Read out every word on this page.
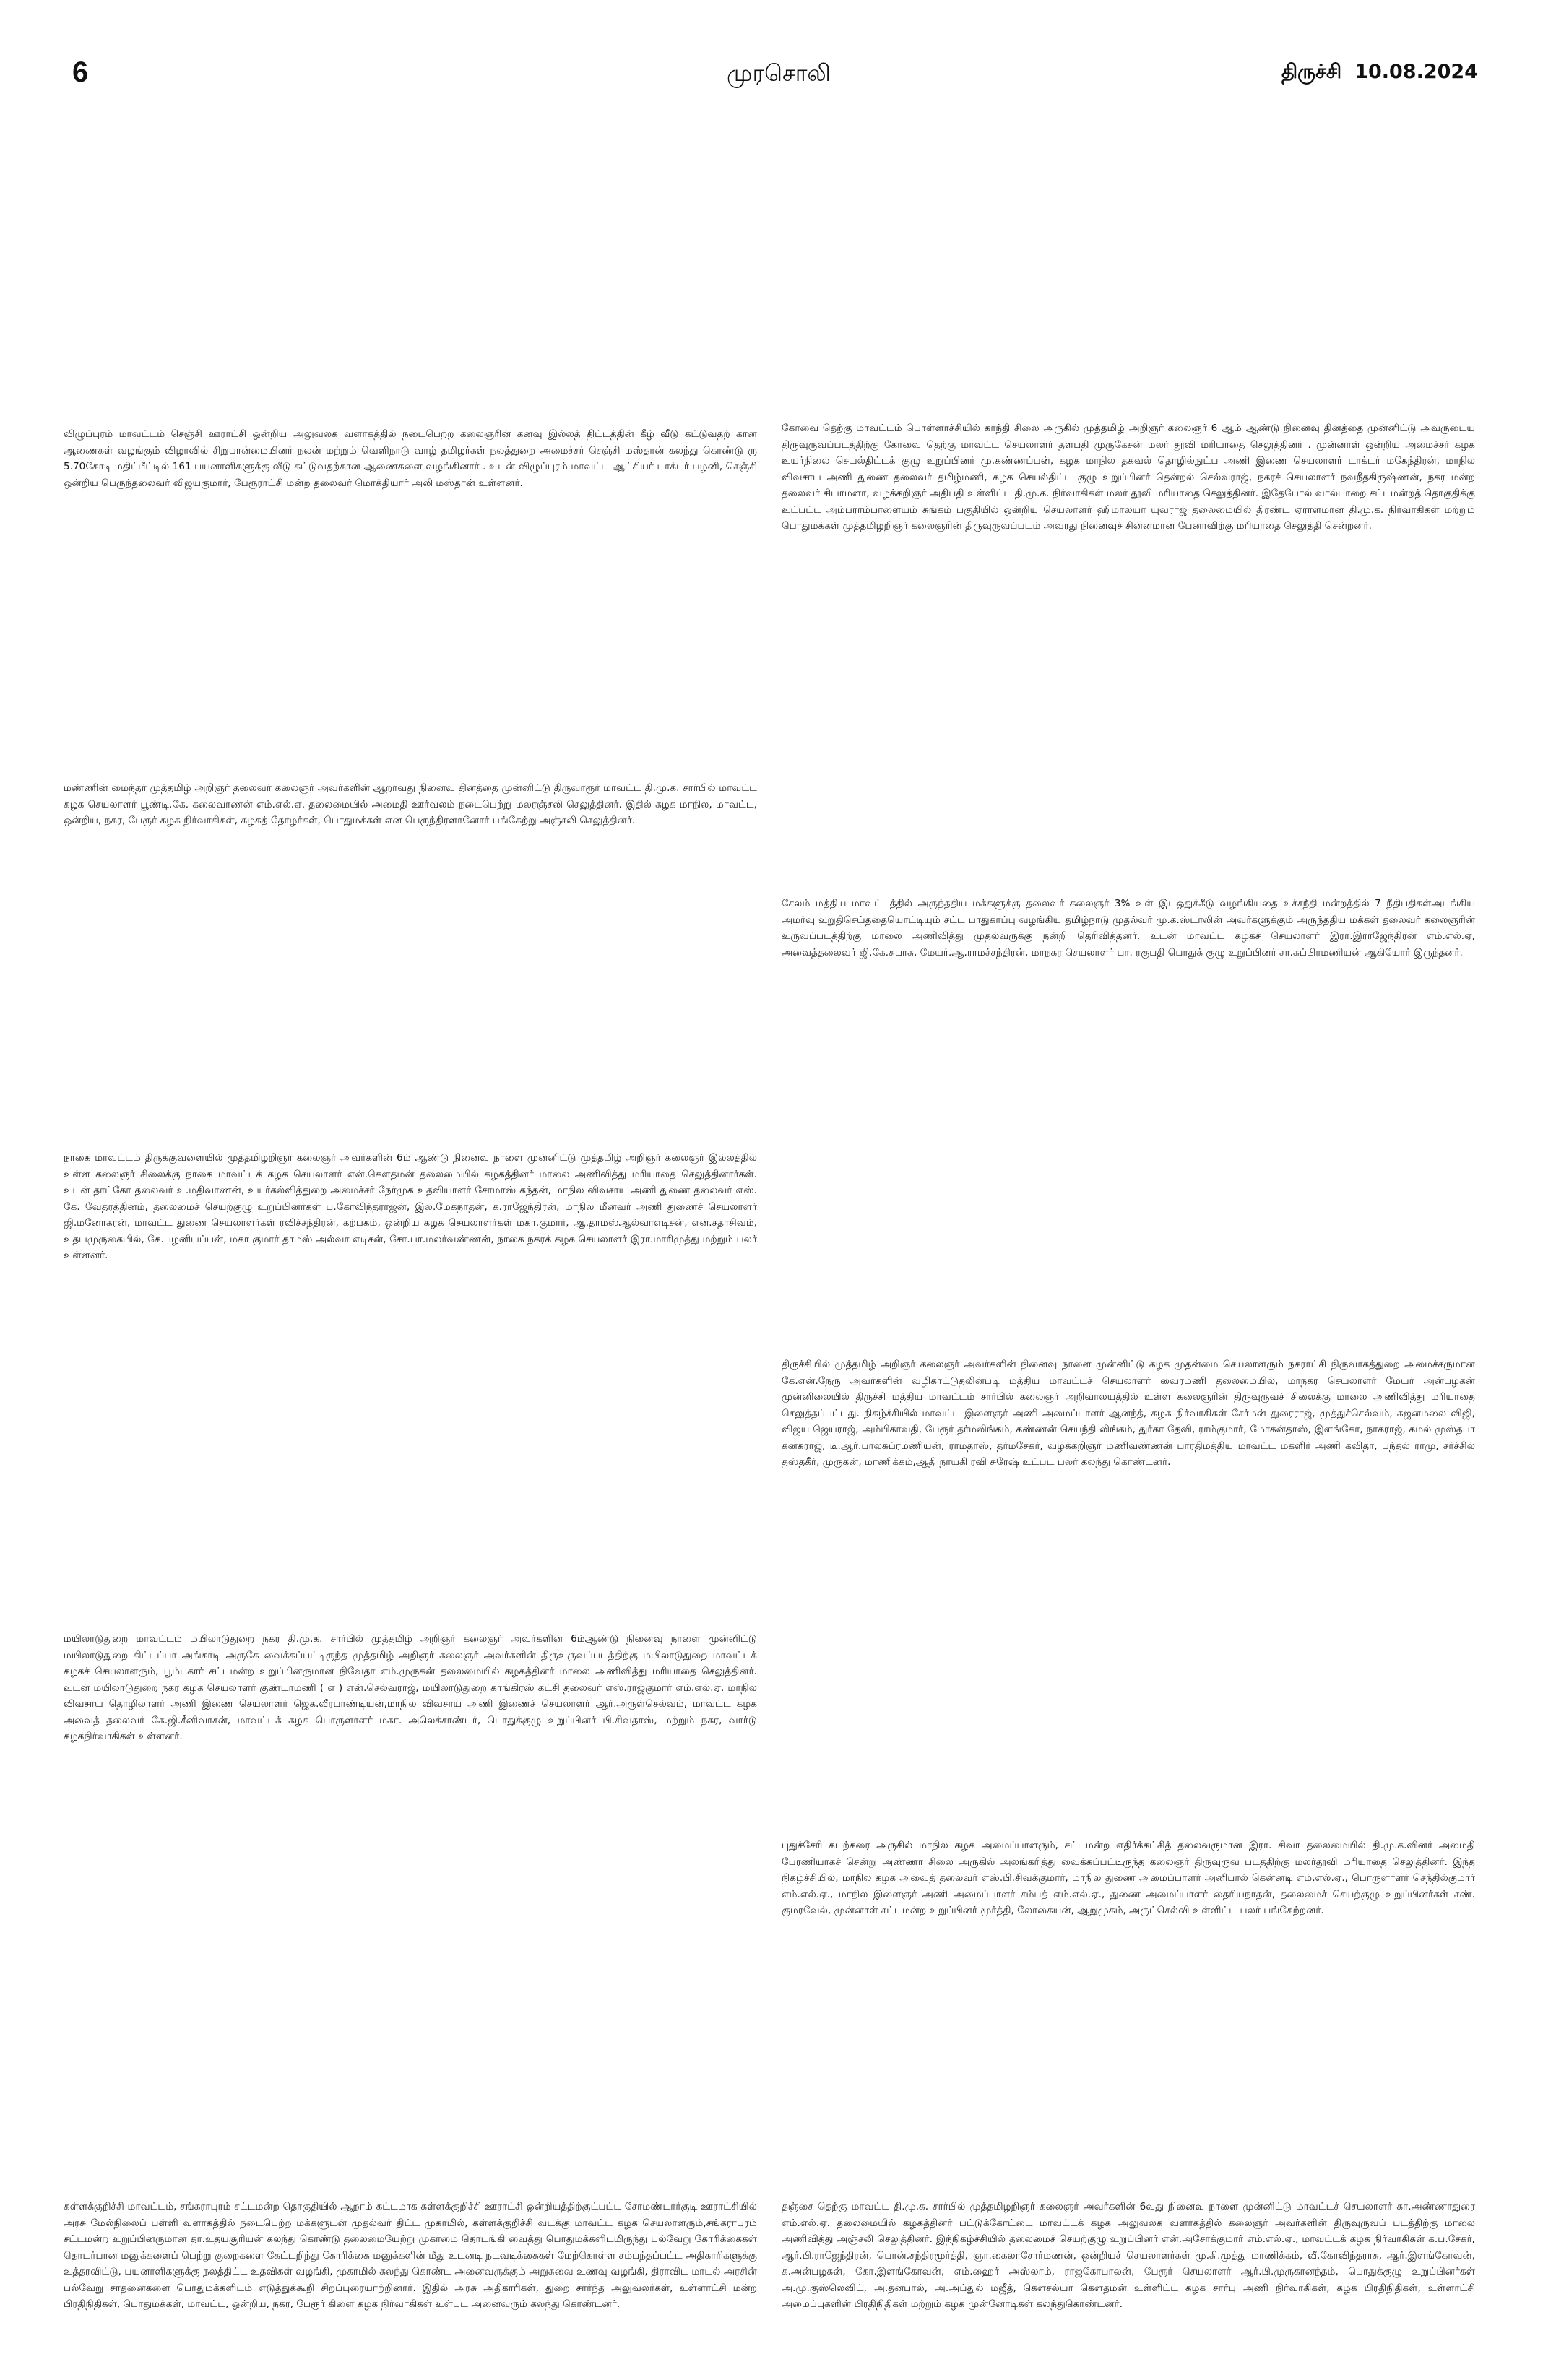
6	முரசொலி	திருச்சி 10.08.2024

விழுப்புரம் மாவட்டம் செஞ்சி ஊராட்சி ஒன்றிய அலுவலக வளாகத்தில் நடைபெற்ற கலைஞரின் கனவு இல்லத் திட்டத்தின் கீழ் வீடு கட்டுவதற் கான ஆணைகள் வழங்கும் விழாவில் சிறுபான்மையினர் நலன் மற்றும் வெளிநாடு வாழ் தமிழர்கள் நலத்துறை அமைச்சர் செஞ்சி மஸ்தான் கலந்து கொண்டு ரூ 5.70கோடி மதிப்பீட்டில் 161 பயனாளிகளுக்கு வீடு கட்டுவதற்கான ஆணைகளை வழங்கினார் . உடன் விழுப்புரம் மாவட்ட ஆட்சியர் டாக்டர் பழனி, செஞ்சி ஒன்றிய பெருந்தலைவர் விஜயகுமார், பேரூராட்சி மன்ற தலைவர் மொக்தியார் அலி மஸ்தான் உள்ளனர்.

கோவை தெற்கு மாவட்டம் பொள்ளாச்சியில் காந்தி சிலை அருகில் முத்தமிழ் அறிஞர் கலைஞர் 6 ஆம் ஆண்டு நினைவு தினத்தை முன்னிட்டு அவருடைய திருவுருவப்படத்திற்கு கோவை தெற்கு மாவட்ட செயலாளர் தளபதி முருகேசன் மலர் தூவி மரியாதை செலுத்தினர் . முன்னாள் ஒன்றிய அமைச்சர் கழக உயர்நிலை செயல்திட்டக் குழு உறுப்பினர் மு.கண்ணப்பன், கழக மாநில தகவல் தொழில்நுட்ப அணி இணை செயலாளர் டாக்டர் மகேந்திரன், மாநில விவசாய அணி துணை தலைவர் தமிழ்மணி, கழக செயல்திட்ட குழு உறுப்பினர் தென்றல் செல்வராஜ், நகரச் செயலாளர் நவநீதகிருஷ்ணன், நகர மன்ற தலைவர் சியாமளா, வழக்கறிஞர் அதிபதி உள்ளிட்ட தி.மு.க. நிர்வாகிகள் மலர் தூவி மரியாதை செலுத்தினர். இதேபோல் வால்பாறை சட்டமன்றத் தொகுதிக்கு உட்பட்ட அம்பராம்பாளையம் சுங்கம் பகுதியில் ஒன்றிய செயலாளர் ஹிமாலயா யுவராஜ் தலைமையில் திரண்ட ஏராளமான தி.மு.க. நிர்வாகிகள் மற்றும் பொதுமக்கள் முத்தமிழறிஞர் கலைஞரின் திருவுருவப்படம் அவரது நினைவுச் சின்னமான பேனாவிற்கு மரியாதை செலுத்தி சென்றனர்.

மண்ணின் மைந்தர் முத்தமிழ் அறிஞர் தலைவர் கலைஞர் அவர்களின் ஆறாவது நினைவு தினத்தை முன்னிட்டு திருவாரூர் மாவட்ட தி.மு.க. சார்பில் மாவட்ட கழக செயலாளர் பூண்டி.கே. கலைவாணன் எம்.எல்.ஏ. தலைமையில் அமைதி ஊர்வலம் நடைபெற்று மலரஞ்சலி செலுத்தினர். இதில் கழக மாநில, மாவட்ட, ஒன்றிய, நகர, பேரூர் கழக நிர்வாகிகள், கழகத் தோழர்கள், பொதுமக்கள் என பெருந்திரளானோர் பங்கேற்று அஞ்சலி செலுத்தினர்.

சேலம் மத்திய மாவட்டத்தில் அருந்ததிய மக்களுக்கு தலைவர் கலைஞர் 3% உள் இடஒதுக்கீடு வழங்கியதை உச்சநீதி மன்றத்தில் 7 நீதிபதிகள்அடங்கிய அமர்வு உறுதிசெய்ததையொட்டியும் சட்ட பாதுகாப்பு வழங்கிய தமிழ்நாடு முதல்வர் மு.க.ஸ்டாலின் அவர்களுக்கும் அருந்ததிய மக்கள் தலைவர் கலைஞரின் உருவப்படத்திற்கு மாலை அணிவித்து முதல்வருக்கு நன்றி தெரிவித்தனர். உடன் மாவட்ட கழகச் செயலாளர் இரா.இராஜேந்திரன் எம்.எல்.ஏ, அவைத்தலைவர் ஜி.கே.சுபாசு, மேயர்.ஆ.ராமச்சந்திரன், மாநகர செயலாளர் பா. ரகுபதி பொதுக் குழு உறுப்பினர் சா.சுப்பிரமணியன் ஆகியோர் இருந்தனர்.

நாகை மாவட்டம் திருக்குவளையில் முத்தமிழறிஞர் கலைஞர் அவர்களின் 6ம் ஆண்டு நினைவு நாளை முன்னிட்டு முத்தமிழ் அறிஞர் கலைஞர் இல்லத்தில் உள்ள கலைஞர் சிலைக்கு நாகை மாவட்டக் கழக செயலாளர் என்.கௌதமன் தலைமையில் கழகத்தினர் மாலை அணிவித்து மரியாதை செலுத்தினார்கள். உடன் தாட்கோ தலைவர் உ.மதிவாணன், உயர்கல்வித்துறை அமைச்சர் நேர்முக உதவியாளர் சோமாஸ் கந்தன், மாநில விவசாய அணி துணை தலைவர் எஸ். கே. வேதரத்தினம், தலைமைச் செயற்குழு உறுப்பினர்கள் ப.கோவிந்தராஜன், இல.மேகநாதன், க.ராஜேந்திரன், மாநில மீனவர் அணி துணைச் செயலாளர் ஜி.மனோகரன், மாவட்ட துணை செயலாளர்கள் ரவிச்சந்திரன், கற்பகம், ஒன்றிய கழக செயலாளர்கள் மகா.குமார், ஆ.தாமஸ்ஆல்வாஎடிசன், என்.சதாசிவம், உதயமுருகையில், கே.பழனியப்பன், மகா குமார் தாமஸ் அல்வா எடிசன், சோ.பா.மலர்வண்ணன், நாகை நகரக் கழக செயலாளர் இரா.மாரிமுத்து மற்றும் பலர் உள்ளனர்.

திருச்சியில் முத்தமிழ் அறிஞர் கலைஞர் அவர்களின் நினைவு நாளை முன்னிட்டு கழக முதன்மை செயலாளரும் நகராட்சி நிருவாகத்துறை அமைச்சருமான கே.என்.நேரு அவர்களின் வழிகாட்டுதலின்படி மத்திய மாவட்டச் செயலாளர் வைரமணி தலைமையில், மாநகர செயலாளர் மேயர் அன்பழகன் முன்னிலையில் திருச்சி மத்திய மாவட்டம் சார்பில் கலைஞர் அறிவாலயத்தில் உள்ள கலைஞரின் திருவுருவச் சிலைக்கு மாலை அணிவித்து மரியாதை செலுத்தப்பட்டது. நிகழ்ச்சியில் மாவட்ட இளைஞர் அணி அமைப்பாளர் ஆனந்த், கழக நிர்வாகிகள் சேர்மன் துரைராஜ், முத்துச்செல்வம், கஜனமலை விஜி, விஜய ஜெயராஜ், அம்பிகாவதி, பேரூர் தர்மலிங்கம், கண்ணன் செயந்தி லிங்கம், துர்கா தேவி, ராம்குமார், மோகன்தாஸ், இளங்கோ, நாகராஜ், கமல் முஸ்தபா கனகராஜ், டீ.ஆர்.பாலசுப்ரமணியன், ராமதாஸ், தர்மசேகர், வழக்கறிஞர் மணிவண்ணன் பாரதிமத்திய மாவட்ட மகளிர் அணி கவிதா, பந்தல் ராமு, சர்ச்சில் தஸ்தகீர், முருகன், மாணிக்கம்,ஆதி நாயகி ரவி சுரேஷ் உட்பட பலர் கலந்து கொண்டனர்.

மயிலாடுதுறை மாவட்டம் மயிலாடுதுறை நகர தி.மு.க. சார்பில் முத்தமிழ் அறிஞர் கலைஞர் அவர்களின் 6ம்ஆண்டு நினைவு நாளை முன்னிட்டு மயிலாடுதுறை கிட்டப்பா அங்காடி அருகே வைக்கப்பட்டிருந்த முத்தமிழ் அறிஞர் கலைஞர் அவர்களின் திருஉருவப்படத்திற்கு மயிலாடுதுறை மாவட்டக் கழகச் செயலாளரும், பூம்புகார் சட்டமன்ற உறுப்பினருமான நிவேதா எம்.முருகன் தலைமையில் கழகத்தினர் மாலை அணிவித்து மரியாதை செலுத்தினர். உடன் மயிலாடுதுறை நகர கழக செயலாளர் குண்டாமணி ( எ ) என்.செல்வராஜ், மயிலாடுதுறை காங்கிரஸ் கட்சி தலைவர் எஸ்.ராஜ்குமார் எம்.எல்.ஏ. மாநில விவசாய தொழிலாளர் அணி இணை செயலாளர் ஜெக.வீரபாண்டியன்,மாநில விவசாய அணி இணைச் செயலாளர் ஆர்.அருள்செல்வம், மாவட்ட கழக அவைத் தலைவர் கே.ஜி.சீனிவாசன், மாவட்டக் கழக பொருளாளர் மகா. அலெக்சாண்டர், பொதுக்குழு உறுப்பினர் பி.சிவதாஸ், மற்றும் நகர, வார்டு கழகநிர்வாகிகள் உள்ளனர்.

புதுச்சேரி கடற்கரை அருகில் மாநில கழக அமைப்பாளரும், சட்டமன்ற எதிர்க்கட்சித் தலைவருமான இரா. சிவா தலைமையில் தி.மு.க.வினர் அமைதி பேரணியாகச் சென்று அண்ணா சிலை அருகில் அலங்கரித்து வைக்கப்பட்டிருந்த கலைஞர் திருவுருவ படத்திற்கு மலர்தூவி மரியாதை செலுத்தினர். இந்த நிகழ்ச்சியில், மாநில கழக அவைத் தலைவர் எஸ்.பி.சிவக்குமார், மாநில துணை அமைப்பாளர் அனிபால் கென்னடி எம்.எல்.ஏ., பொருளாளர் செந்தில்குமார் எம்.எல்.ஏ., மாநில இளைஞர் அணி அமைப்பாளர் சம்பத் எம்.எல்.ஏ., துணை அமைப்பாளர் தைரியநாதன், தலைமைச் செயற்குழு உறுப்பினர்கள் சண். குமரவேல், முன்னாள் சட்டமன்ற உறுப்பினர் மூர்த்தி, லோகையன், ஆறுமுகம், அருட்செல்வி உள்ளிட்ட பலர் பங்கேற்றனர்.

கள்ளக்குறிச்சி மாவட்டம், சங்கராபுரம் சட்டமன்ற தொகுதியில் ஆறாம் கட்டமாக கள்ளக்குறிச்சி ஊராட்சி ஒன்றியத்திற்குட்பட்ட சோமண்டார்குடி ஊராட்சியில் அரசு மேல்நிலைப் பள்ளி வளாகத்தில் நடைபெற்ற மக்களுடன் முதல்வர் திட்ட முகாமில், கள்ளக்குறிச்சி வடக்கு மாவட்ட கழக செயலாளரும்,சங்கராபுரம் சட்டமன்ற உறுப்பினருமான தா.உதயசூரியன் கலந்து கொண்டு தலைமையேற்று முகாமை தொடங்கி வைத்து பொதுமக்களிடமிருந்து பல்வேறு கோரிக்கைகள் தொடர்பான மனுக்களைப் பெற்று குறைகளை கேட்டறிந்து கோரிக்கை மனுக்களின் மீது உடனடி நடவடிக்கைகள் மேற்கொள்ள சம்பந்தப்பட்ட அதிகாரிகளுக்கு உத்தரவிட்டு, பயனாளிகளுக்கு நலத்திட்ட உதவிகள் வழங்கி, முகாமில் கலந்து கொண்ட அனைவருக்கும் அறுசுவை உணவு வழங்கி, திராவிட மாடல் அரசின் பல்வேறு சாதனைகளை பொதுமக்களிடம் எடுத்துக்கூறி சிறப்புரையாற்றினார். இதில் அரசு அதிகாரிகள், துறை சார்ந்த அலுவலர்கள், உள்ளாட்சி மன்ற பிரதிநிதிகள், பொதுமக்கள், மாவட்ட, ஒன்றிய, நகர, பேரூர் கிளை கழக நிர்வாகிகள் உள்பட அனைவரும் கலந்து கொண்டனர்.

தஞ்சை தெற்கு மாவட்ட தி.மு.க. சார்பில் முத்தமிழறிஞர் கலைஞர் அவர்களின் 6வது நினைவு நாளை முன்னிட்டு மாவட்டச் செயலாளர் கா.அண்ணாதுரை எம்.எல்.ஏ. தலைமையில் கழகத்தினர் பட்டுக்கோட்டை மாவட்டக் கழக அலுவலக வளாகத்தில் கலைஞர் அவர்களின் திருவுருவப் படத்திற்கு மாலை அணிவித்து அஞ்சலி செலுத்தினர். இந்நிகழ்ச்சியில் தலைமைச் செயற்குழு உறுப்பினர் என்.அசோக்குமார் எம்.எல்.ஏ., மாவட்டக் கழக நிர்வாகிகள் க.ப.சேகர், ஆர்.பி.ராஜேந்திரன், பொன்.சந்திரமூர்த்தி, ஞா.கைலாசோர்மணன், ஒன்றியச் செயலாளர்கள் மு.கி.முத்து மாணிக்கம், வீ.கோவிந்தராசு, ஆர்.இளங்கோவன், க.அன்பழகன், கோ.இளங்கோவன், எம்.ஹைர் அஸ்லாம், ராஜகோபாலன், பேரூர் செயலாளர் ஆர்.பி.முருகானந்தம், பொதுக்குழு உறுப்பினர்கள் அ.மு.குஸ்லெவிட், அ.தனபால், அ.அப்துல் மஜீத், கௌசல்யா கௌதமன் உள்ளிட்ட கழக சார்பு அணி நிர்வாகிகள், கழக பிரதிநிதிகள், உள்ளாட்சி அமைப்புகளின் பிரதிநிதிகள் மற்றும் கழக முன்னோடிகள் கலந்துகொண்டனர்.
